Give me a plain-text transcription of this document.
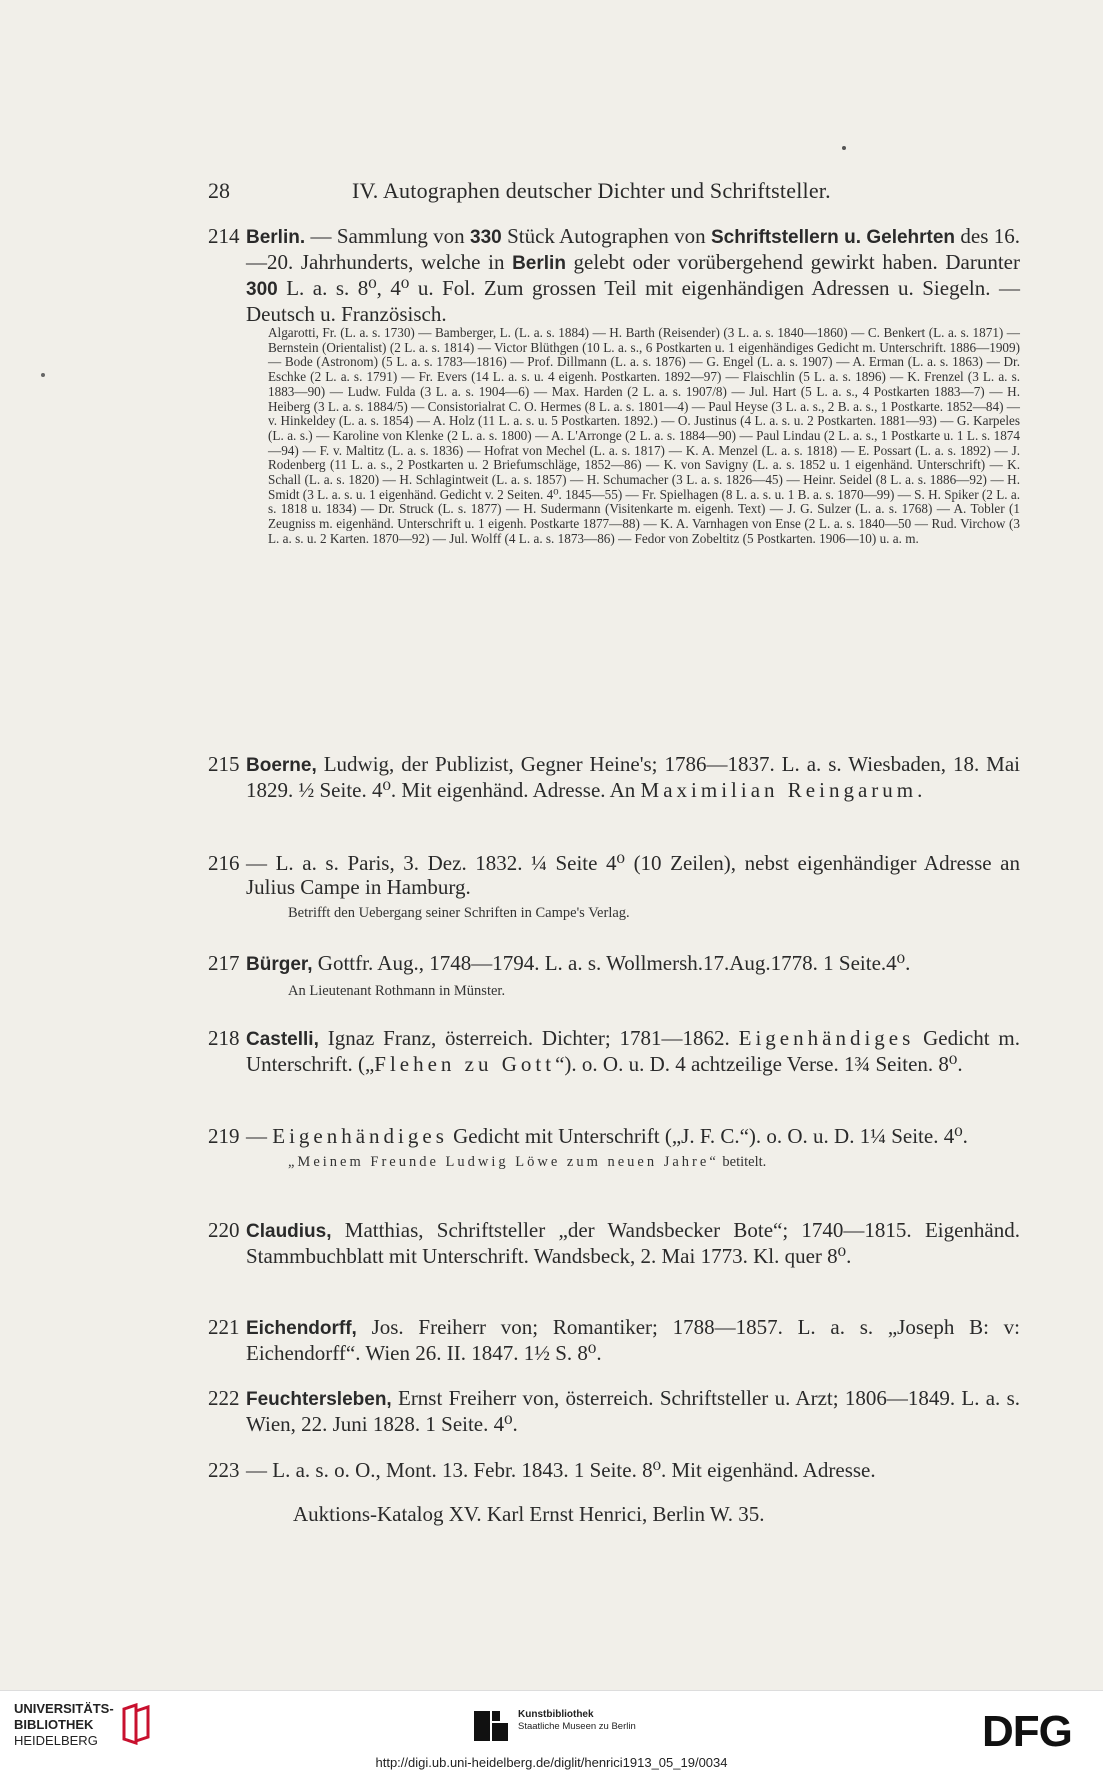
28	IV. Autographen deutscher Dichter und Schriftsteller.
214 Berlin. — Sammlung von 330 Stück Autographen von Schriftstellern u. Gelehrten des 16.—20. Jahrhunderts, welche in Berlin gelebt oder vorübergehend gewirkt haben. Darunter 300 L. a. s. 8⁰, 4⁰ u. Fol. Zum grossen Teil mit eigenhändigen Adressen u. Siegeln. — Deutsch u. Französisch.
Algarotti, Fr. (L. a. s. 1730) — Bamberger, L. (L. a. s. 1884) — H. Barth (Reisender) (3 L. a. s. 1840—1860) — C. Benkert (L. a. s. 1871) — Bernstein (Orientalist) (2 L. a. s. 1814) — Victor Blüthgen (10 L. a. s., 6 Postkarten u. 1 eigenhändiges Gedicht m. Unterschrift. 1886—1909) — Bode (Astronom) (5 L. a. s. 1783—1816) — Prof. Dillmann (L. a. s. 1876) — G. Engel (L. a. s. 1907) — A. Erman (L. a. s. 1863) — Dr. Eschke (2 L. a. s. 1791) — Fr. Evers (14 L. a. s. u. 4 eigenh. Postkarten. 1892—97) — Flaischlin (5 L. a. s. 1896) — K. Frenzel (3 L. a. s. 1883—90) — Ludw. Fulda (3 L. a. s. 1904—6) — Max. Harden (2 L. a. s. 1907/8) — Jul. Hart (5 L. a. s., 4 Postkarten 1883—7) — H. Heiberg (3 L. a. s. 1884/5) — Consistorialrat C. O. Hermes (8 L. a. s. 1801—4) — Paul Heyse (3 L. a. s., 2 B. a. s., 1 Postkarte. 1852—84) — v. Hinkeldey (L. a. s. 1854) — A. Holz (11 L. a. s. u. 5 Postkarten. 1892.) — O. Justinus (4 L. a. s. u. 2 Postkarten. 1881—93) — G. Karpeles (L. a. s.) — Karoline von Klenke (2 L. a. s. 1800) — A. L'Arronge (2 L. a. s. 1884—90) — Paul Lindau (2 L. a. s., 1 Postkarte u. 1 L. s. 1874—94) — F. v. Maltitz (L. a. s. 1836) — Hofrat von Mechel (L. a. s. 1817) — K. A. Menzel (L. a. s. 1818) — E. Possart (L. a. s. 1892) — J. Rodenberg (11 L. a. s., 2 Postkarten u. 2 Briefumschläge, 1852—86) — K. von Savigny (L. a. s. 1852 u. 1 eigenhänd. Unterschrift) — K. Schall (L. a. s. 1820) — H. Schlagintweit (L. a. s. 1857) — H. Schumacher (3 L. a. s. 1826—45) — Heinr. Seidel (8 L. a. s. 1886—92) — H. Smidt (3 L. a. s. u. 1 eigenhänd. Gedicht v. 2 Seiten. 4⁰. 1845—55) — Fr. Spielhagen (8 L. a. s. u. 1 B. a. s. 1870—99) — S. H. Spiker (2 L. a. s. 1818 u. 1834) — Dr. Struck (L. s. 1877) — H. Sudermann (Visitenkarte m. eigenh. Text) — J. G. Sulzer (L. a. s. 1768) — A. Tobler (1 Zeugniss m. eigenhänd. Unterschrift u. 1 eigenh. Postkarte 1877—88) — K. A. Varnhagen von Ense (2 L. a. s. 1840—50 — Rud. Virchow (3 L. a. s. u. 2 Karten. 1870—92) — Jul. Wolff (4 L. a. s. 1873—86) — Fedor von Zobeltitz (5 Postkarten. 1906—10) u. a. m.
215 Boerne, Ludwig, der Publizist, Gegner Heine's; 1786—1837. L. a. s. Wiesbaden, 18. Mai 1829. ½ Seite. 4⁰. Mit eigenhänd. Adresse. An Maximilian Reingarum.
216 — L. a. s. Paris, 3. Dez. 1832. ¼ Seite 4⁰ (10 Zeilen), nebst eigenhändiger Adresse an Julius Campe in Hamburg.
Betrifft den Uebergang seiner Schriften in Campe's Verlag.
217 Bürger, Gottfr. Aug., 1748—1794. L. a. s. Wollmersh.17.Aug.1778. 1 Seite.4⁰.
An Lieutenant Rothmann in Münster.
218 Castelli, Ignaz Franz, österreich. Dichter; 1781—1862. Eigenhändiges Gedicht m. Unterschrift. („Flehen zu Gott“). o. O. u. D. 4 achtzeilige Verse. 1¾ Seiten. 8⁰.
219 — Eigenhändiges Gedicht mit Unterschrift („J. F. C.“). o. O. u. D. 1¼ Seite. 4⁰.
„Meinem Freunde Ludwig Löwe zum neuen Jahre“ betitelt.
220 Claudius, Matthias, Schriftsteller „der Wandsbecker Bote“; 1740—1815. Eigenhänd. Stammbuchblatt mit Unterschrift. Wandsbeck, 2. Mai 1773. Kl. quer 8⁰.
221 Eichendorff, Jos. Freiherr von; Romantiker; 1788—1857. L. a. s. „Joseph B: v: Eichendorff“. Wien 26. II. 1847. 1½ S. 8⁰.
222 Feuchtersleben, Ernst Freiherr von, österreich. Schriftsteller u. Arzt; 1806—1849. L. a. s. Wien, 22. Juni 1828. 1 Seite. 4⁰.
223 — L. a. s. o. O., Mont. 13. Febr. 1843. 1 Seite. 8⁰. Mit eigenhänd. Adresse.
Auktions-Katalog XV. Karl Ernst Henrici, Berlin W. 35.
UNIVERSITÄTS-
BIBLIOTHEK
HEIDELBERG
Kunstbibliothek
Staatliche Museen zu Berlin	DFG
http://digi.ub.uni-heidelberg.de/diglit/henrici1913_05_19/0034
